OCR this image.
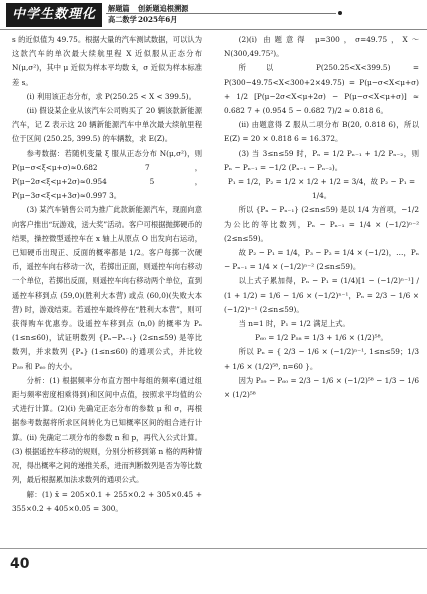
中学生数理化	解题篇 创新题追根溯源
高二数学 2025年6月

s 的近似值为 49.75。根据大量的汽车测试数据，可以认为这款汽车的单次最大续航里程 X 近似服从正态分布 N(μ,σ²)，其中 μ 近似为样本平均数 x̄，σ 近似为样本标准差 s。

(i) 利用该正态分布，求 P(250.25 < X < 399.5)。

(ii) 假设某企业从该汽车公司购买了 20 辆该款新能源汽车，记 Z 表示这 20 辆新能源汽车中单次最大续航里程位于区间 (250.25, 399.5) 的车辆数，求 E(Z)。

参考数据：若随机变量 ξ 服从正态分布 N(μ,σ²)，则 P(μ−σ<ξ<μ+σ)≈0.682 7，P(μ−2σ<ξ<μ+2σ)≈0.954 5，P(μ−3σ<ξ<μ+3σ)≈0.997 3。

(3) 某汽车销售公司为推广此款新能源汽车，现面向意向客户推出“玩游戏，送大奖”活动。客户可根据抛掷硬币的结果，操控微型遥控车在 x 轴上从原点 O 出发向右运动，已知硬币出现正、反面的概率都是 1/2。客户每掷一次硬币，遥控车向右移动一次，若掷出正面，则遥控车向右移动一个单位，若掷出反面，则遥控车向右移动两个单位，直到遥控车移到点 (59,0)(胜利大本营) 或点 (60,0)(失败大本营) 时，游戏结束。若遥控车最终停在“胜利大本营”，则可获得购车优惠券。设遥控车移到点 (n,0) 的概率为 Pₙ (1≤n≤60)，试证明数列 {Pₙ−Pₙ₋₁} (2≤n≤59) 是等比数列，并求数列 {Pₙ} (1≤n≤60) 的通项公式，并比较 P₅₉ 和 P₆₀ 的大小。

分析：(1) 根据频率分布直方图中每组的频率(通过组距与频率密度相乘得到)和区间中点值，按照求平均值的公式进行计算。(2)(i) 先确定正态分布的参数 μ 和 σ，再根据参考数据将所求区间转化为已知概率区间的组合进行计算。(ii) 先确定二项分布的参数 n 和 p，再代入公式计算。(3) 根据遥控车移动的规则，分别分析移到第 n 格的两种情况，得出概率之间的递推关系，进而判断数列是否为等比数列，最后根据累加法求数列的通项公式。

解：(1) x̄ = 205×0.1 + 255×0.2 + 305×0.45 + 355×0.2 + 405×0.05 = 300。

(2)(i) 由题意得 μ=300，σ=49.75，X～N(300,49.75²)。

所以 P(250.25<X<399.5) = P(300−49.75<X<300+2×49.75) = P(μ−σ<X<μ+σ) + 1/2 [P(μ−2σ<X<μ+2σ) − P(μ−σ<X<μ+σ)] ≈ 0.682 7 + (0.954 5 − 0.682 7)/2 ≈ 0.818 6。

(ii) 由题意得 Z 服从二项分布 B(20, 0.818 6)，所以 E(Z) = 20 × 0.818 6 = 16.372。

(3) 当 3≤n≤59 时，Pₙ = 1/2 Pₙ₋₁ + 1/2 Pₙ₋₂，则 Pₙ − Pₙ₋₁ = −1/2 (Pₙ₋₁ − Pₙ₋₂)。

P₁ = 1/2，P₂ = 1/2 × 1/2 + 1/2 = 3/4，故 P₂ − P₁ = 1/4。

所以 {Pₙ − Pₙ₋₁} (2≤n≤59) 是以 1/4 为首项，−1/2 为公比的等比数列，Pₙ − Pₙ₋₁ = 1/4 × (−1/2)ⁿ⁻² (2≤n≤59)。

故 P₂ − P₁ = 1/4，P₃ − P₂ = 1/4 × (−1/2)，…，Pₙ − Pₙ₋₁ = 1/4 × (−1/2)ⁿ⁻² (2≤n≤59)。

以上式子累加得，Pₙ − P₁ = (1/4)[1 − (−1/2)ⁿ⁻¹] / (1 + 1/2) = 1/6 − 1/6 × (−1/2)ⁿ⁻¹，Pₙ = 2/3 − 1/6 × (−1/2)ⁿ⁻¹ (2≤n≤59)。

当 n=1 时，P₁ = 1/2 满足上式。

P₆₀ = 1/2 P₅₈ = 1/3 + 1/6 × (1/2)⁵⁸。

所以 Pₙ = { 2/3 − 1/6 × (−1/2)ⁿ⁻¹, 1≤n≤59；1/3 + 1/6 × (1/2)⁵⁸, n=60 }。

因为 P₅₉ − P₆₀ = 2/3 − 1/6 × (−1/2)⁵⁸ − 1/3 − 1/6 × (1/2)⁵⁸

40
